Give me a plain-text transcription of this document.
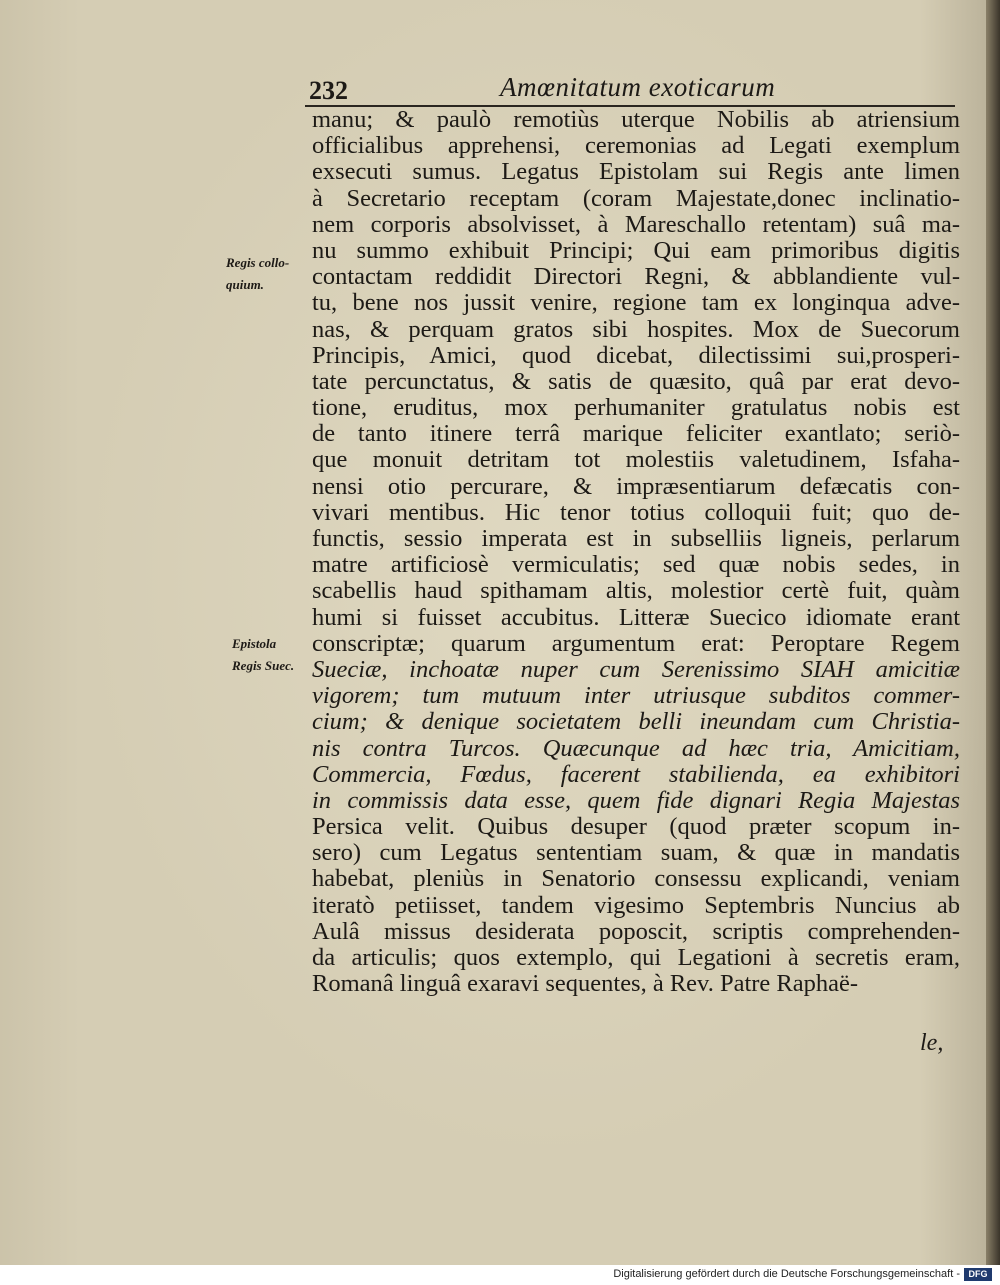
232	Amœnitatum exoticarum
Regis collo-
quium.
Epistola
Regis Suec.
manu; & paulò remotiùs uterque Nobilis ab atriensium
officialibus apprehensi, ceremonias ad Legati exemplum
exsecuti sumus. Legatus Epistolam sui Regis ante limen
à Secretario receptam (coram Majestate,donec inclinatio-
nem corporis absolvisset, à Mareschallo retentam) suâ ma-
nu summo exhibuit Principi; Qui eam primoribus digitis
contactam reddidit Directori Regni, & abblandiente vul-
tu, bene nos jussit venire, regione tam ex longinqua adve-
nas, & perquam gratos sibi hospites. Mox de Suecorum
Principis, Amici, quod dicebat, dilectissimi sui,prosperi-
tate percunctatus, & satis de quæsito, quâ par erat devo-
tione, eruditus, mox perhumaniter gratulatus nobis est
de tanto itinere terrâ marique feliciter exantlato; seriò-
que monuit detritam tot molestiis valetudinem, Isfaha-
nensi otio percurare, & impræsentiarum defæcatis con-
vivari mentibus. Hic tenor totius colloquii fuit; quo de-
functis, sessio imperata est in subselliis ligneis, perlarum
matre artificiosè vermiculatis; sed quæ nobis sedes, in
scabellis haud spithamam altis, molestior certè fuit, quàm
humi si fuisset accubitus. Litteræ Suecico idiomate erant
conscriptæ; quarum argumentum erat: Peroptare Regem
Sueciæ, inchoatæ nuper cum Serenissimo SIAH amicitiæ
vigorem; tum mutuum inter utriusque subditos commer-
cium; & denique societatem belli ineundam cum Christia-
nis contra Turcos. Quæcunque ad hæc tria, Amicitiam,
Commercia, Fœdus, facerent stabilienda, ea exhibitori
in commissis data esse, quem fide dignari Regia Majestas
Persica velit. Quibus desuper (quod præter scopum in-
sero) cum Legatus sententiam suam, & quæ in mandatis
habebat, pleniùs in Senatorio consessu explicandi, veniam
iteratò petiisset, tandem vigesimo Septembris Nuncius ab
Aulâ missus desiderata poposcit, scriptis comprehenden-
da articulis; quos extemplo, qui Legationi à secretis eram,
Romanâ linguâ exaravi sequentes, à Rev. Patre Raphaë-
le,
Digitalisierung gefördert durch die Deutsche Forschungsgemeinschaft - DFG
